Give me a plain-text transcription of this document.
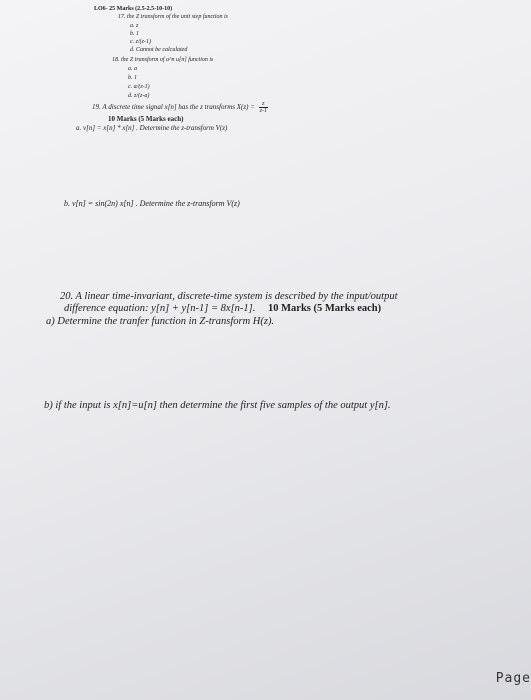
LO6- 25 Marks (2.5-2.5-10-10)
17. the Z transform of the unit step function is
a. z
b. 1
c. z/(z-1)
d. Cannot be calculated
18. the Z transform of a^n u[n] function is
a. a
b. 1
c. a/(z-1)
d. z/(z-a)
19. A discrete time signal x[n] has the z transforms $X(z) = \frac{z}{z-1}$
10 Marks (5 Marks each)
a. v[n] = x[n] * x[n] . Determine the z-transform V(z)
b. v[n] = sin(2n) x[n] . Determine the z-transform V(z)
20. A linear time-invariant, discrete-time system is described by the input/output
difference equation: y[n] + y[n-1] = 8x[n-1]. 10 Marks (5 Marks each)
a) Determine the tranfer function in Z-transform H(z).
b) if the input is x[n]=u[n] then determine the first five samples of the output y[n].
Page
